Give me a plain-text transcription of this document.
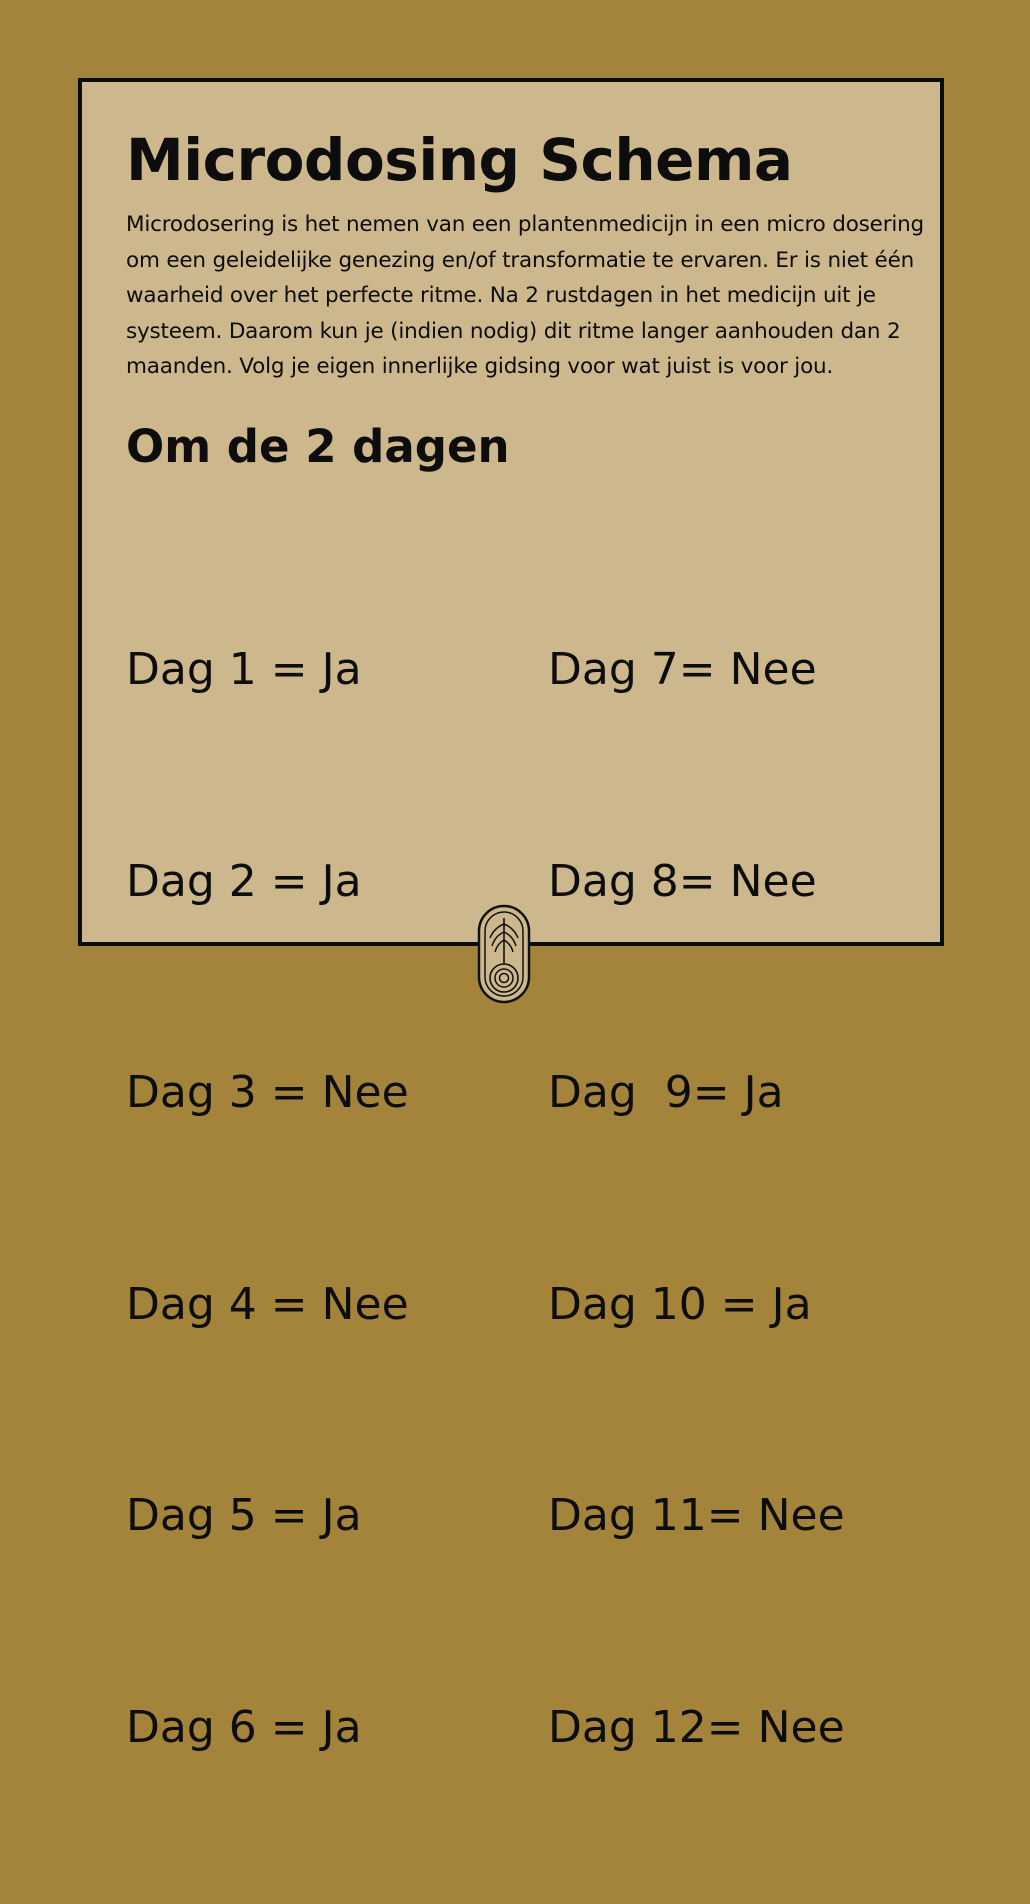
Microdosing Schema

Microdosering is het nemen van een plantenmedicijn in een micro dosering om een geleidelijke genezing en/of transformatie te ervaren. Er is niet één waarheid over het perfecte ritme. Na 2 rustdagen in het medicijn uit je systeem. Daarom kun je (indien nodig) dit ritme langer aanhouden dan 2 maanden. Volg je eigen innerlijke gidsing voor wat juist is voor jou.

Om de 2 dagen

Dag 1 = Ja

Dag 2 = Ja

Dag 3 = Nee

Dag 4 = Nee

Dag 5 = Ja

Dag 6 = Ja

Dag 7= Nee

Dag 8= Nee

Dag  9= Ja

Dag 10 = Ja

Dag 11= Nee

Dag 12= Nee
